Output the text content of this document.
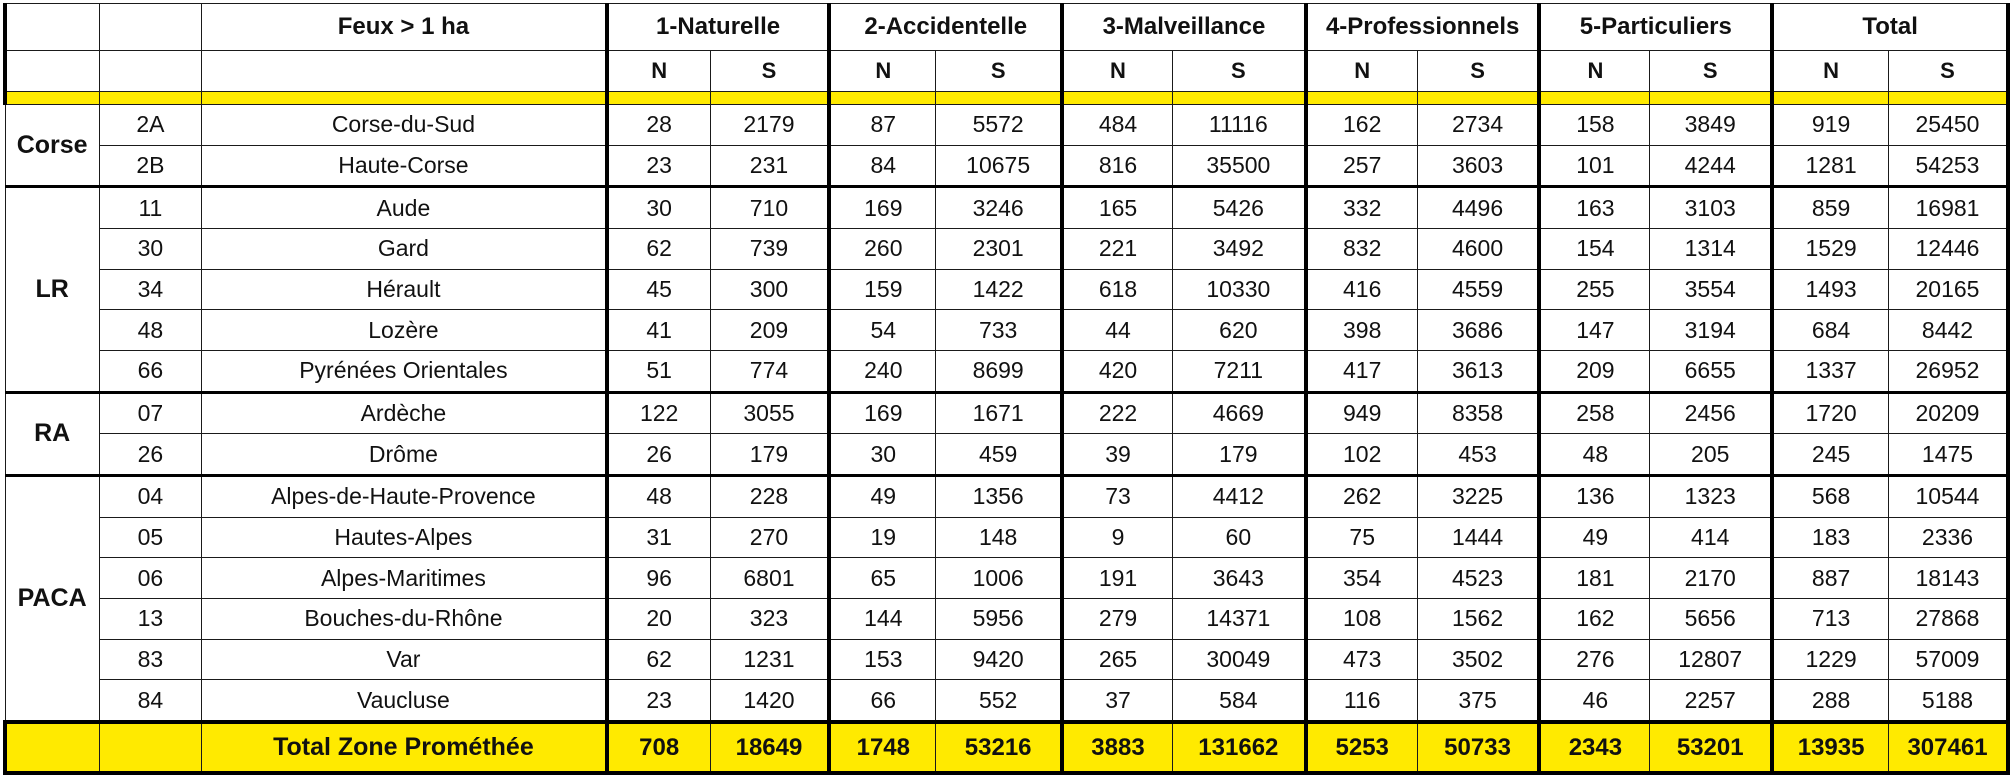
		Feux > 1 ha	1-Naturelle		2-Accidentelle		3-Malveillance		4-Professionnels		5-Particuliers		Total	
			N	S	N	S	N	S	N	S	N	S	N	S

Corse	2A	Corse-du-Sud	28	2179	87	5572	484	11116	162	2734	158	3849	919	25450
	2B	Haute-Corse	23	231	84	10675	816	35500	257	3603	101	4244	1281	54253
LR	11	Aude	30	710	169	3246	165	5426	332	4496	163	3103	859	16981
	30	Gard	62	739	260	2301	221	3492	832	4600	154	1314	1529	12446
	34	Hérault	45	300	159	1422	618	10330	416	4559	255	3554	1493	20165
	48	Lozère	41	209	54	733	44	620	398	3686	147	3194	684	8442
	66	Pyrénées Orientales	51	774	240	8699	420	7211	417	3613	209	6655	1337	26952
RA	07	Ardèche	122	3055	169	1671	222	4669	949	8358	258	2456	1720	20209
	26	Drôme	26	179	30	459	39	179	102	453	48	205	245	1475
PACA	04	Alpes-de-Haute-Provence	48	228	49	1356	73	4412	262	3225	136	1323	568	10544
	05	Hautes-Alpes	31	270	19	148	9	60	75	1444	49	414	183	2336
	06	Alpes-Maritimes	96	6801	65	1006	191	3643	354	4523	181	2170	887	18143
	13	Bouches-du-Rhône	20	323	144	5956	279	14371	108	1562	162	5656	713	27868
	83	Var	62	1231	153	9420	265	30049	473	3502	276	12807	1229	57009
	84	Vaucluse	23	1420	66	552	37	584	116	375	46	2257	288	5188
		Total Zone Prométhée	708	18649	1748	53216	3883	131662	5253	50733	2343	53201	13935	307461
